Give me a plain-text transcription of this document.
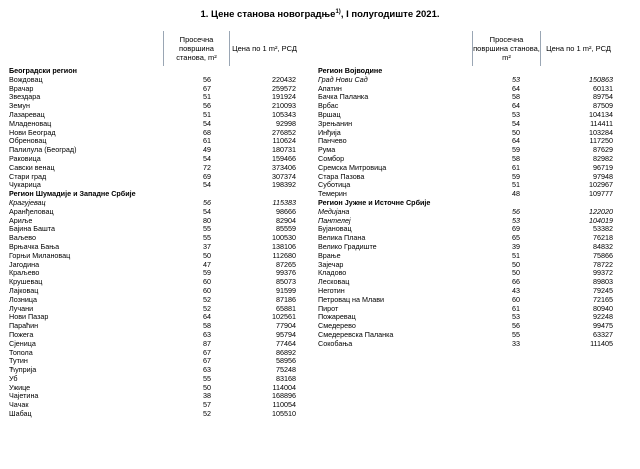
1. Цене станова новоградње$^{1)}$, I полугодиште 2021.
Просечна површина станова, m²
Цена по 1 m², РСД
Београдски регион
Вождовац	56	220432
Врачар	67	259572
Звездара	51	191924
Земун	56	210093
Лазаревац	51	105343
Младеновац	54	92998
Нови Београд	68	276852
Обреновац	61	110624
Палилула (Београд)	49	180731
Раковица	54	159466
Савски венац	72	373406
Стари град	69	307374
Чукарица	54	198392
Регион Шумадије и Западне Србије
Крагујевац	56	115383
Аранђеловац	54	98666
Ариље	80	82904
Бајина Башта	55	85559
Ваљево	55	100530
Врњачка Бања	37	138106
Горњи Милановац	50	112680
Јагодина	47	87265
Краљево	59	99376
Крушевац	60	85073
Лајковац	60	91599
Лозница	52	87186
Лучани	52	65881
Нови Пазар	64	102561
Параћин	58	77904
Пожега	63	95794
Сјеница	87	77464
Топола	67	86892
Тутин	67	58956
Ћуприја	63	75248
Уб	55	83168
Ужице	50	114004
Чајетина	38	168896
Чачак	57	110054
Шабац	52	105510
Просечна површина станова, m²
Цена по 1 m², РСД
Регион Војводине
Град Нови Сад	53	150863
Апатин	64	60131
Бачка Паланка	58	89754
Врбас	64	87509
Вршац	53	104134
Зрењанин	54	114411
Инђија	50	103284
Панчево	64	117250
Рума	59	87629
Сомбор	58	82982
Сремска Митровица	61	96719
Стара Пазова	59	97948
Суботица	51	102967
Темерин	48	109777
Регион Јужне и Источне Србије
Медијана	56	122020
Пантелеј	53	104019
Бујановац	69	53382
Велика Плана	65	76218
Велико Градиште	39	84832
Врање	51	75866
Зајечар	50	78722
Кладово	50	99372
Лесковац	66	89803
Неготин	43	79245
Петровац на Млави	60	72165
Пирот	61	80940
Пожаревац	53	92248
Смедерево	56	99475
Смедеревска Паланка	55	63327
Сокобања	33	111405
